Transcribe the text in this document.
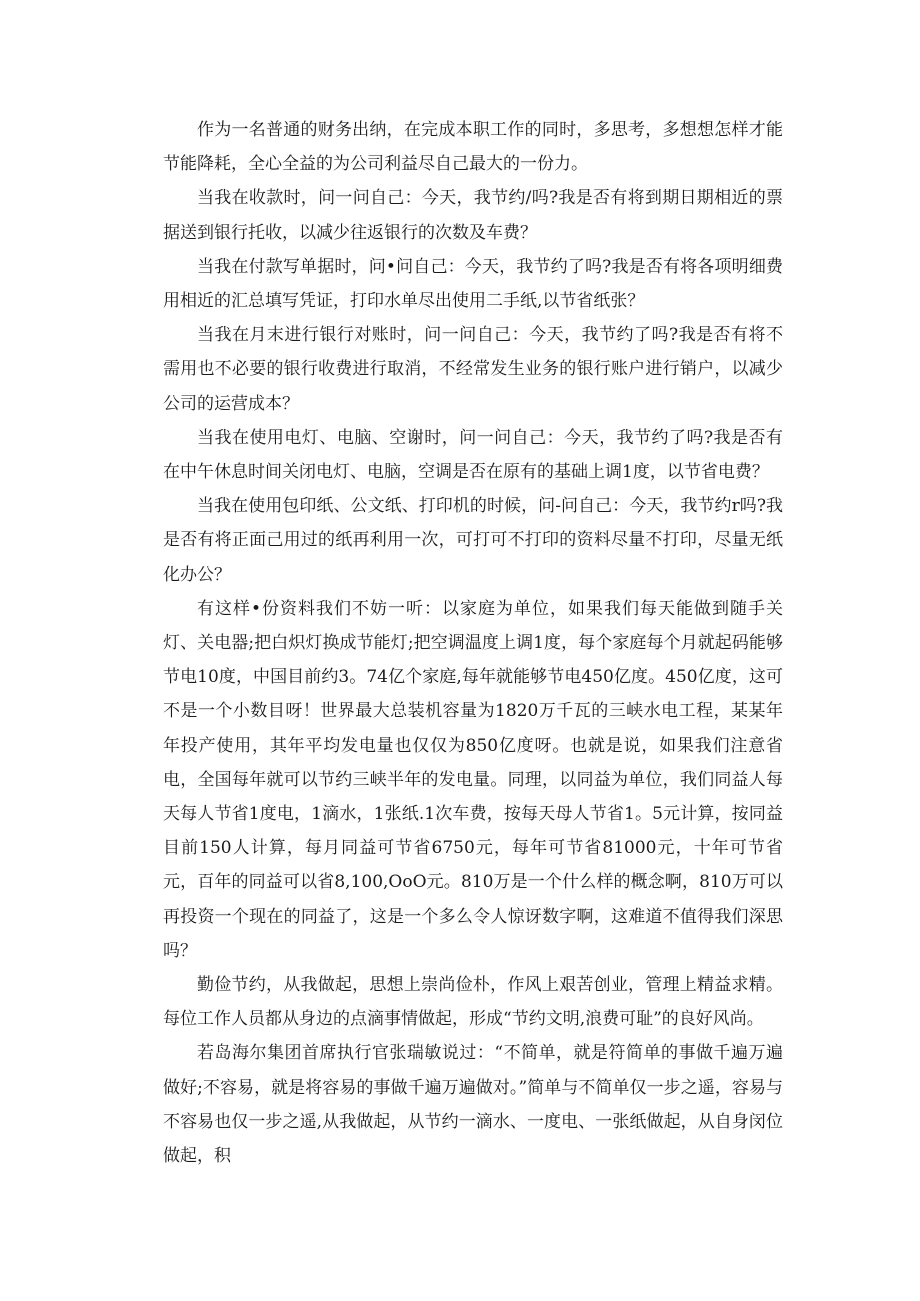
作为一名普通的财务出纳，在完成本职工作的同时，多思考，多想想怎样才能节能降耗，全心全益的为公司利益尽自己最大的一份力。

当我在收款时，问一问自己：今天，我节约/吗?我是否有将到期日期相近的票据送到银行托收，以减少往返银行的次数及车费？

当我在付款写单据时，问•问自己：今天，我节约了吗?我是否有将各项明细费用相近的汇总填写凭证，打印水单尽出使用二手纸,以节省纸张？

当我在月末进行银行对账时，问一问自己：今天，我节约了吗?我是否有将不需用也不必要的银行收费进行取消，不经常发生业务的银行账户进行销户，以减少公司的运营成本？

当我在使用电灯、电脑、空谢时，问一问自己：今天，我节约了吗?我是否有在中午休息时间关闭电灯、电脑，空调是否在原有的基础上调1度，以节省电费？

当我在使用包印纸、公文纸、打印机的时候，问-问自己：今天，我节约r吗?我是否有将正面己用过的纸再利用一次，可打可不打印的资料尽量不打印，尽量无纸化办公？

有这样•份资料我们不妨一听：以家庭为单位，如果我们每天能做到随手关灯、关电器;把白炽灯换成节能灯;把空调温度上调1度，每个家庭每个月就起码能够节电10度，中国目前约3。74亿个家庭,每年就能够节电450亿度。450亿度，这可不是一个小数目呀！世界最大总装机容量为1820万千瓦的三峡水电工程，某某年年投产使用，其年平均发电量也仅仅为850亿度呀。也就是说，如果我们注意省电，全国每年就可以节约三峡半年的发电量。同理，以同益为单位，我们同益人每天每人节省1度电，1滴水，1张纸.1次车费，按每天母人节省1。5元计算，按同益目前150人计算，每月同益可节省6750元，每年可节省81000元，十年可节省元，百年的同益可以省8,100,OoO元。810万是一个什么样的概念啊，810万可以再投资一个现在的同益了，这是一个多么令人惊讶数字啊，这难道不值得我们深思吗？

勤俭节约，从我做起，思想上崇尚俭朴，作风上艰苦创业，管理上精益求精。每位工作人员都从身边的点滴事情做起，形成“节约文明,浪费可耻”的良好风尚。

若岛海尔集团首席执行官张瑞敏说过：“不简单，就是符简单的事做千遍万遍做好;不容易，就是将容易的事做千遍万遍做对。”简单与不简单仅一步之遥，容易与不容易也仅一步之遥,从我做起，从节约一滴水、一度电、一张纸做起，从自身闵位做起，积
